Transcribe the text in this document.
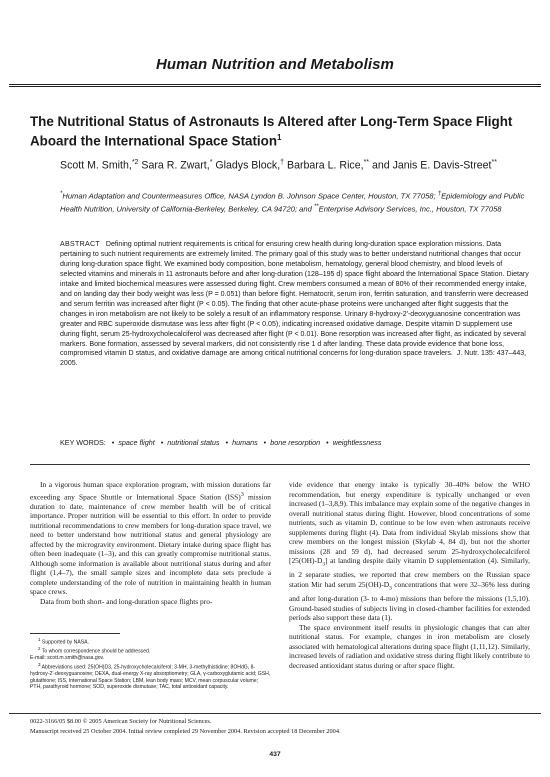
Human Nutrition and Metabolism
The Nutritional Status of Astronauts Is Altered after Long-Term Space Flight Aboard the International Space Station$^1$
Scott M. Smith,$^{*2}$ Sara R. Zwart,* Gladys Block,† Barbara L. Rice,** and Janis E. Davis-Street**
*Human Adaptation and Countermeasures Office, NASA Lyndon B. Johnson Space Center, Houston, TX 77058; †Epidemiology and Public Health Nutrition, University of California-Berkeley, Berkeley, CA 94720; and **Enterprise Advisory Services, Inc., Houston, TX 77058
ABSTRACT Defining optimal nutrient requirements is critical for ensuring crew health during long-duration space exploration missions. Data pertaining to such nutrient requirements are extremely limited. The primary goal of this study was to better understand nutritional changes that occur during long-duration space flight. We examined body composition, bone metabolism, hematology, general blood chemistry, and blood levels of selected vitamins and minerals in 11 astronauts before and after long-duration (128–195 d) space flight aboard the International Space Station. Dietary intake and limited biochemical measures were assessed during flight. Crew members consumed a mean of 80% of their recommended energy intake, and on landing day their body weight was less (P = 0.051) than before flight. Hematocrit, serum iron, ferritin saturation, and transferrin were decreased and serum ferritin was increased after flight (P < 0.05). The finding that other acute-phase proteins were unchanged after flight suggests that the changes in iron metabolism are not likely to be solely a result of an inflammatory response. Urinary 8-hydroxy-2′-deoxyguanosine concentration was greater and RBC superoxide dismutase was less after flight (P < 0.05), indicating increased oxidative damage. Despite vitamin D supplement use during flight, serum 25-hydroxycholecalciferol was decreased after flight (P < 0.01). Bone resorption was increased after flight, as indicated by several markers. Bone formation, assessed by several markers, did not consistently rise 1 d after landing. These data provide evidence that bone loss, compromised vitamin D status, and oxidative damage are among critical nutritional concerns for long-duration space travelers. J. Nutr. 135: 437–443, 2005.
KEY WORDS: • space flight • nutritional status • humans • bone resorption • weightlessness

In a vigorous human space exploration program, with mission durations far exceeding any Space Shuttle or International Space Station (ISS)$^3$ mission duration to date, maintenance of crew member health will be of critical importance. Proper nutrition will be essential to this effort. In order to provide nutritional recommendations to crew members for long-duration space travel, we need to better understand how nutritional status and general physiology are affected by the microgravity environment. Dietary intake during space flight has often been inadequate (1–3), and this can greatly compromise nutritional status. Although some information is available about nutritional status during and after flight (1,4–7), the small sample sizes and incomplete data sets preclude a complete understanding of the role of nutrition in maintaining health in human space crews.

Data from both short- and long-duration space flights pro-

vide evidence that energy intake is typically 30–40% below the WHO recommendation, but energy expenditure is typically unchanged or even increased (1–3,8,9). This imbalance may explain some of the negative changes in overall nutritional status during flight. However, blood concentrations of some nutrients, such as vitamin D, continue to be low even when astronauts receive supplements during flight (4). Data from individual Skylab missions show that crew members on the longest mission (Skylab 4, 84 d), but not the shorter missions (28 and 59 d), had decreased serum 25-hydroxycholecalciferol $[25(OH)-D_3]$ at landing despite daily vitamin D supplementation (4). Similarly, in 2 separate studies, we reported that crew members on the Russian space station Mir had serum $25(OH)-D_3$ concentrations that were 32–36% less during and after long-duration (3- to 4-mo) missions than before the missions (1,5,10). Ground-based studies of subjects living in closed-chamber facilities for extended periods also support these data (1).

The space environment itself results in physiologic changes that can alter nutritional status. For example, changes in iron metabolism are closely associated with hematological alterations during space flight (1,11,12). Similarly, increased levels of radiation and oxidative stress during flight likely contribute to decreased antioxidant status during or after space flight.

$^1$ Supported by NASA.
$^2$ To whom correspondence should be addressed.
E-mail: scott.m.smith@nasa.gov.
$^3$ Abbreviations used: 25(OH)D3, 25-hydroxycholecalciferol; 3-MH, 3-methylhistidine; 8OHdG, 8-hydroxy-2′-deoxyguanosine; DEXA, dual-energy X-ray absorptiometry; GLA, γ-carboxyglutamic acid; GSH, glutathione; ISS, International Space Station; LBM, lean body mass; MCV, mean corpuscular volume; PTH, parathyroid hormone; SOD, superoxide dismutase; TAC, total antioxidant capacity.
0022-3166/05 $8.00 © 2005 American Society for Nutritional Sciences.
Manuscript received 25 October 2004. Initial review completed 29 November 2004. Revision accepted 18 December 2004.
437
